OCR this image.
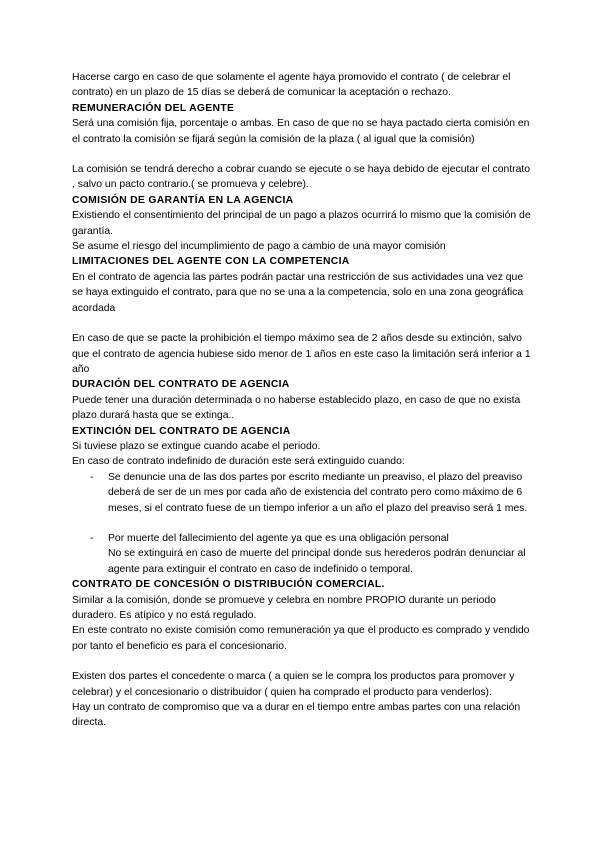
Hacerse cargo en caso de que solamente el agente haya promovido el contrato ( de celebrar el contrato) en un plazo de 15 días se deberá de comunicar la aceptación o rechazo.

REMUNERACIÓN DEL AGENTE

Será una comisión fija, porcentaje o ambas. En caso de que no se haya pactado cierta comisión en el contrato la comisión se fijará según la comisión de la plaza ( al igual que la comisión)

La comisión se tendrá derecho a cobrar cuando se ejecute o se haya debido de ejecutar el contrato , salvo un pacto contrario.( se promueva y celebre).

COMISIÓN DE GARANTÍA EN LA AGENCIA

Existiendo el consentimiento del principal de un pago a plazos ocurrirá lo mismo que la comisión de garantía.

Se asume el riesgo del incumplimiento de pago a cambio de una mayor comisión

LIMITACIONES DEL AGENTE CON LA COMPETENCIA

En el contrato de agencia las partes podrán pactar una restricción de sus actividades una vez que se haya extinguido el contrato, para que no se una a la competencia, solo en una zona geográfica acordada

En caso de que se pacte la prohibición el tiempo máximo sea de 2 años desde su extinción, salvo que el contrato de agencia hubiese sido menor de 1 años en este caso la limitación será inferior a 1 año

DURACIÓN DEL CONTRATO DE AGENCIA

Puede tener una duración determinada o no haberse establecido plazo, en caso de que no exista plazo durará hasta que se extinga..

EXTINCIÓN DEL CONTRATO DE AGENCIA

Si tuviese plazo se extingue cuando acabe el periodo.

En caso de contrato indefinido de duración este será extinguido cuando:

- Se denuncie una de las dos partes por escrito mediante un preaviso, el plazo del preaviso deberá de ser de un mes por cada año de existencia del contrato pero como máximo de 6 meses, si el contrato fuese de un tiempo inferior a un año el plazo del preaviso será 1 mes.
- Por muerte del fallecimiento del agente ya que es una obligación personal
No se extinguirá en caso de muerte del principal donde sus herederos podrán denunciar al agente para extinguir el contrato en caso de indefinido o temporal.

CONTRATO DE CONCESIÓN O DISTRIBUCIÓN COMERCIAL.

Similar a la comisión, donde se promueve y celebra en nombre PROPIO durante un periodo duradero. Es atípico y no está regulado.

En este contrato no existe comisión como remuneración ya que el producto es comprado y vendido por tanto el beneficio es para el concesionario.

Existen dos partes el concedente o marca ( a quien se le compra los productos para promover y celebrar) y el concesionario o distribuidor ( quien ha comprado el producto para venderlos).

Hay un contrato de compromiso que va a durar en el tiempo entre ambas partes con una relación directa.
